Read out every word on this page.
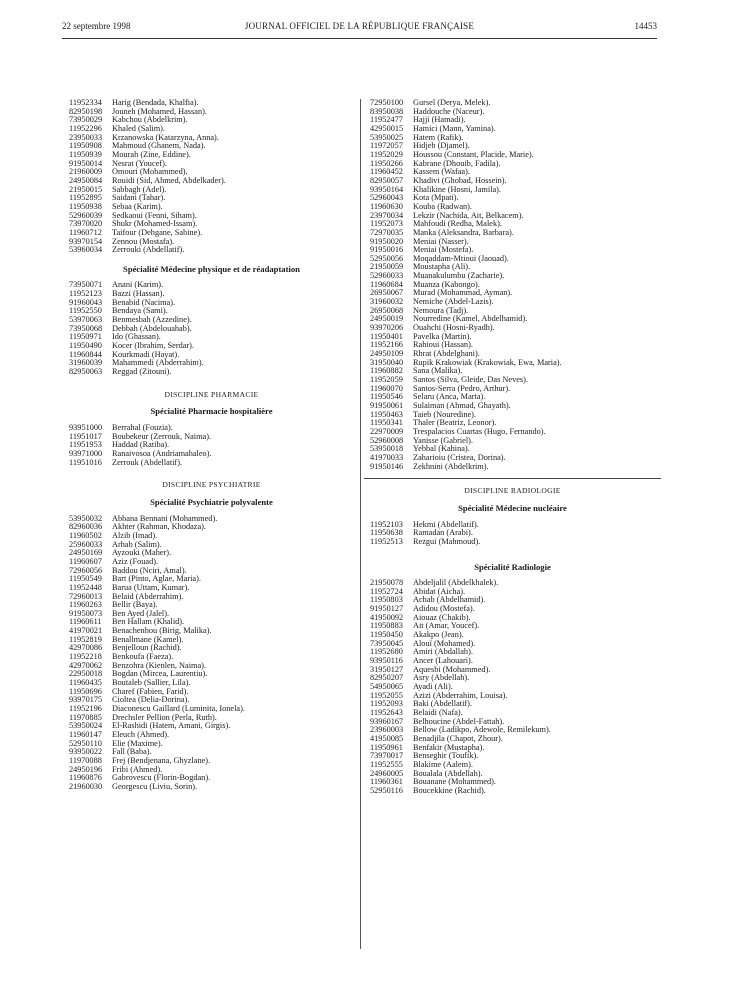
22 septembre 1998	JOURNAL OFFICIEL DE LA RÉPUBLIQUE FRANÇAISE	14453
11952334 Harig (Bendada, Khalfia).
82950198 Jouneh (Mohamed, Hassan).
73950029 Kabchou (Abdelkrim).
11952296 Khaled (Salim).
23950033 Krzanowska (Katarzyna, Anna).
11950908 Mahmoud (Ghanem, Nada).
11950939 Mourah (Zine, Eddine).
91950014 Nesrat (Youcef).
21960009 Omouri (Mohammed).
24950084 Rouidi (Sid, Ahmed, Abdelkader).
21950015 Sabbagh (Adel).
11952895 Saidani (Tahar).
11950938 Sebaa (Karim).
52960039 Sedkaoui (Fenni, Siham).
73970020 Shukr (Mohamed-Issam).
11960712 Taifour (Dehgane, Sabine).
93970154 Zennou (Mostafa).
53960034 Zerrouki (Abdellatif).
Spécialité Médecine physique et de réadaptation
73950071 Anani (Karim).
11952123 Bazzi (Hassan).
91960043 Benabid (Nacima).
11952550 Bendaya (Sami).
53970063 Benmesbah (Azzedine).
73950068 Debbah (Abdelouahab).
11950971 Ido (Ghassan).
11950490 Kocer (Ibrahim, Serdar).
11960844 Kourkmadi (Hayat).
31960039 Mahammedi (Abderrahim).
82950063 Reggad (Zitouni).
DISCIPLINE PHARMACIE
Spécialité Pharmacie hospitalière
93951000 Berrahal (Fouzia).
11951017 Boubekeur (Zerrouk, Naima).
11951953 Haddad (Ratiba).
93971000 Ranaivosoa (Andriamahaleo).
11951016 Zerrouk (Abdellatif).
DISCIPLINE PSYCHIATRIE
Spécialité Psychiatrie polyvalente
53950032 Abbana Bennani (Mohammed).
82960036 Akhter (Rahman, Khodaza).
11960502 Alzib (Imad).
25960033 Arhab (Salim).
24950169 Ayzouki (Maher).
11960607 Aziz (Fouad).
72960056 Baddou (Nciri, Amal).
11950549 Bart (Pinto, Aglae, Maria).
11952448 Barua (Uttam, Kumar).
72960013 Belaid (Abderrahim).
11960263 Bellir (Baya).
91950073 Ben Ayed (Jalel).
11960611 Ben Hallam (Khalid).
41970021 Benachenhou (Birig, Malika).
11952819 Benallmane (Kamel).
42970086 Benjelloun (Rachid).
11952218 Benkoufa (Faeza).
42970062 Benzohra (Kienlen, Naima).
22950018 Bogdan (Mircea, Laurentiu).
11960435 Boutaleb (Sallier, Lila).
11950696 Charef (Fabien, Farid).
93970175 Cioltea (Delia-Dorina).
11952196 Diaconescu Gaillard (Luminita, Ionela).
11970885 Drechsler Pellion (Perla, Ruth).
53950024 El-Rashidi (Hatem, Amani, Girgis).
11960147 Eleuch (Ahmed).
52950110 Elie (Maxime).
93950022 Fall (Baba).
11970088 Frej (Bendjenana, Ghyzlane).
24950196 Fribi (Ahmed).
11960876 Gabrovescu (Florin-Bogdan).
21960030 Georgescu (Liviu, Sorin).
72950100 Gursel (Derya, Melek).
83950038 Haddouche (Naceur).
11952477 Hajji (Hamadi).
42950015 Hamici (Mann, Yamina).
53950025 Hatem (Rafik).
11972057 Hidjeb (Djamel).
11952029 Houssou (Constant, Placide, Marie).
11950266 Kabrane (Dhouib, Fadila).
11960452 Kassem (Wafaa).
82950057 Khadivi (Ghobad, Hossein).
93950164 Khalikine (Hosni, Jamila).
52960043 Kota (Mpati).
11960630 Kouba (Radwan).
23970034 Lekzir (Nachida, Ait, Belkacem).
11952073 Mahfoudi (Redha, Malek).
72970035 Manka (Aleksandra, Barbara).
91950020 Meniai (Nasser).
91950016 Meniai (Mostefa).
52950056 Moqaddam-Mtioui (Jaouad).
21950059 Moustapha (Ali).
52960033 Muanakulumbu (Zacharie).
11960684 Muanza (Kabongo).
26950067 Murad (Mohammad, Ayman).
31960032 Nemiche (Abdel-Lazis).
26950068 Nemoura (Tadj).
24950019 Nourredine (Kamel, Abdelhamid).
93970206 Ouahchi (Hosni-Ryadh).
11950401 Pavelka (Martin).
11952166 Rahioui (Hassan).
24950109 Rhrat (Abdelghani).
31950040 Rupik Krakowiak (Krakowiak, Ewa, Maria).
11960882 Sana (Malika).
11952059 Santos (Silva, Gleide, Das Neves).
11960070 Santos-Serra (Pedro, Arthur).
11950546 Selaru (Anca, Marta).
91950061 Sulaiman (Ahmad, Ghayath).
11950463 Taieb (Nouredine).
11950341 Thaler (Beatriz, Leonor).
22970009 Trespalacios Cuartas (Hugo, Fernando).
52960008 Yanisse (Gabriel).
53950018 Yebbal (Kahina).
41970033 Zaharioiu (Cristea, Dorina).
91950146 Zekhnini (Abdelkrim).
DISCIPLINE RADIOLOGIE
Spécialité Médecine nucléaire
11952103 Hekmi (Abdellatif).
11950638 Ramadan (Arabi).
11952513 Rezgui (Mahmoud).
Spécialité Radiologie
21950078 Abdeljalil (Abdelkhalek).
11952724 Abidat (Aicha).
11950803 Achab (Abdelhamid).
91950127 Adidou (Mostefa).
41950092 Aiouaz (Chakib).
11950883 Ait (Amar, Youcef).
11950450 Akakpo (Jean).
73950045 Alouï (Mohamed).
11952680 Amiri (Abdallah).
93950116 Ancer (Lahouari).
31950127 Aquesbi (Mohammed).
82950207 Asry (Abdellah).
54950065 Ayadi (Ali).
11952055 Azizi (Abderrahim, Louisa).
11952093 Baki (Abdellatif).
11952643 Belaidi (Nafa).
93960167 Belhoucine (Abdel-Fattah).
23960003 Bellow (Ladikpo, Adewole, Remilekum).
41950085 Benadjila (Chapot, Zhour).
11950961 Benfakir (Mustapha).
73970017 Benseghir (Toufik).
11952555 Blakime (Aalem).
24960005 Boualala (Abdellah).
11960361 Bouanane (Mohammed).
52950116 Boucekkine (Rachid).
